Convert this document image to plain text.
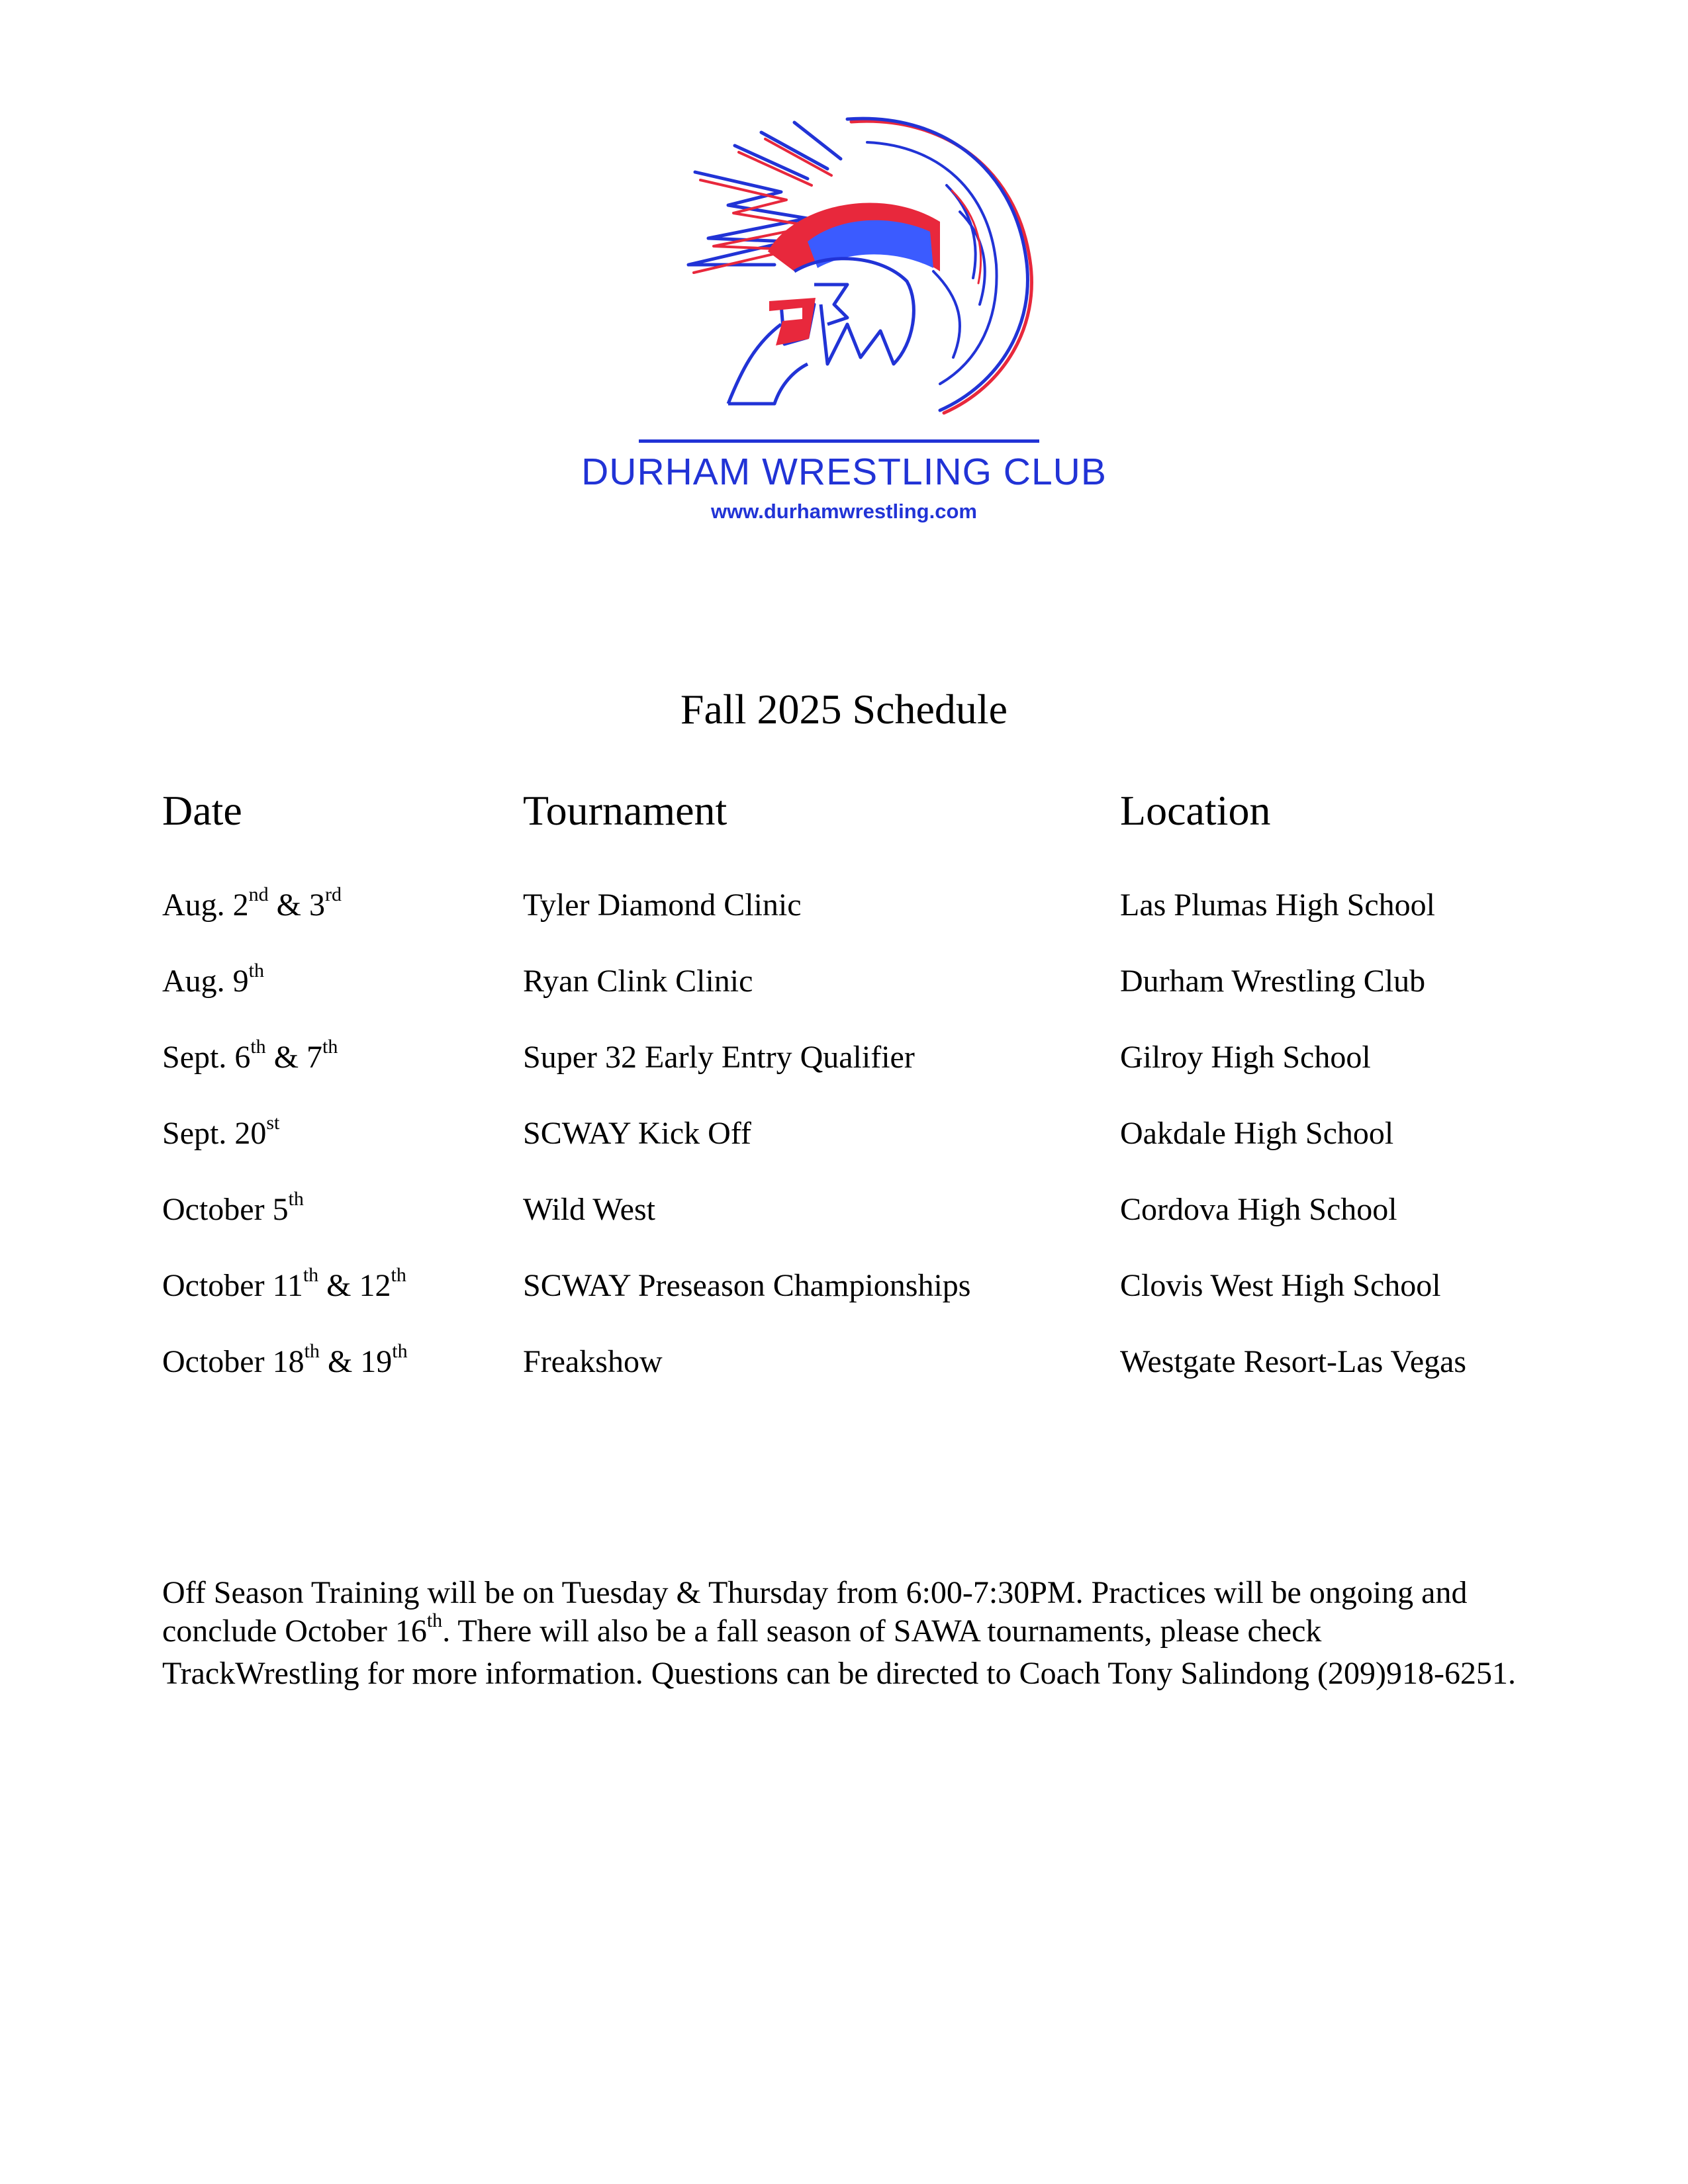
DURHAM WRESTLING CLUB
www.durhamwrestling.com
Fall 2025 Schedule
Date	Tournament	Location
Aug. 2nd & 3rd	Tyler Diamond Clinic	Las Plumas High School
Aug. 9th	Ryan Clink Clinic	Durham Wrestling Club
Sept. 6th & 7th	Super 32 Early Entry Qualifier	Gilroy High School
Sept. 20st	SCWAY Kick Off	Oakdale High School
October 5th	Wild West	Cordova High School
October 11th & 12th	SCWAY Preseason Championships	Clovis West High School
October 18th & 19th	Freakshow	Westgate Resort-Las Vegas
Off Season Training will be on Tuesday & Thursday from 6:00-7:30PM. Practices will be ongoing and conclude October 16th. There will also be a fall season of SAWA tournaments, please check TrackWrestling for more information. Questions can be directed to Coach Tony Salindong (209)918-6251.
